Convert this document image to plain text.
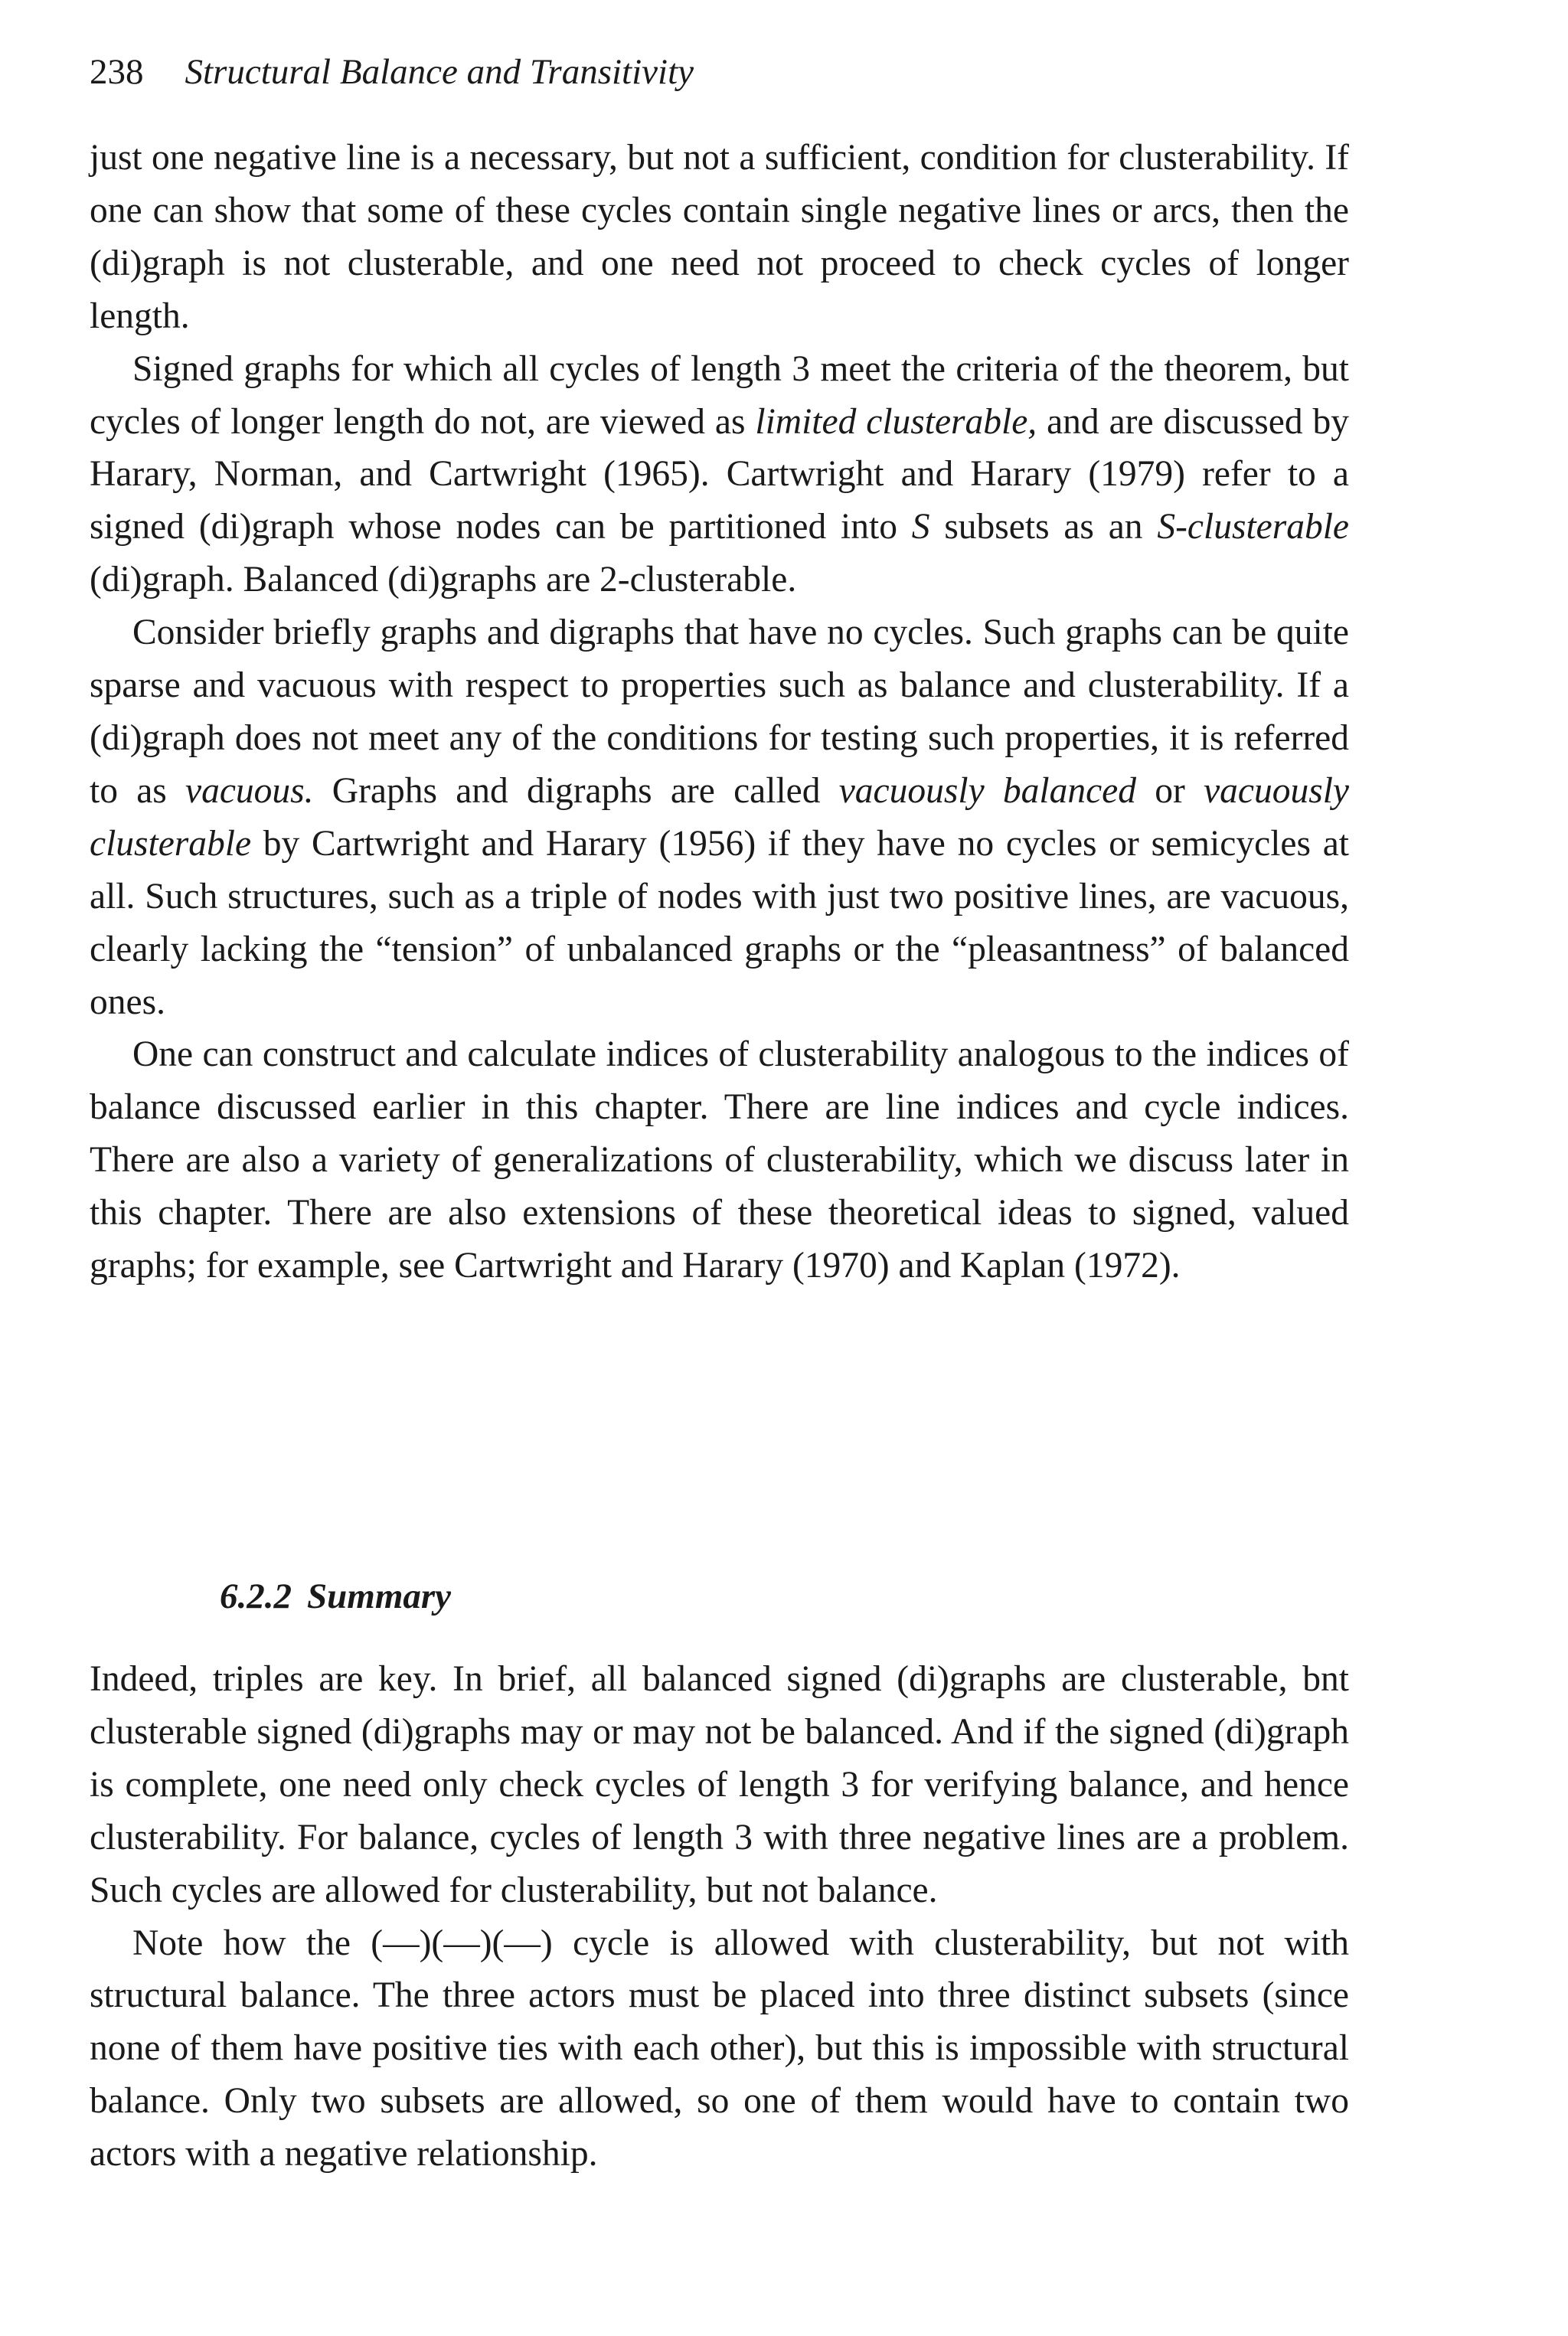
238 Structural Balance and Transitivity

just one negative line is a necessary, but not a sufficient, condition for clusterability. If one can show that some of these cycles contain single negative lines or arcs, then the (di)graph is not clusterable, and one need not proceed to check cycles of longer length.

Signed graphs for which all cycles of length 3 meet the criteria of the theorem, but cycles of longer length do not, are viewed as limited clusterable, and are discussed by Harary, Norman, and Cartwright (1965). Cartwright and Harary (1979) refer to a signed (di)graph whose nodes can be partitioned into S subsets as an S-clusterable (di)graph. Balanced (di)graphs are 2-clusterable.

Consider briefly graphs and digraphs that have no cycles. Such graphs can be quite sparse and vacuous with respect to properties such as balance and clusterability. If a (di)graph does not meet any of the conditions for testing such properties, it is referred to as vacuous. Graphs and digraphs are called vacuously balanced or vacuously clusterable by Cartwright and Harary (1956) if they have no cycles or semicycles at all. Such structures, such as a triple of nodes with just two positive lines, are vacuous, clearly lacking the “tension” of unbalanced graphs or the “pleasantness” of balanced ones.

One can construct and calculate indices of clusterability analogous to the indices of balance discussed earlier in this chapter. There are line indices and cycle indices. There are also a variety of generalizations of clusterability, which we discuss later in this chapter. There are also extensions of these theoretical ideas to signed, valued graphs; for example, see Cartwright and Harary (1970) and Kaplan (1972).

6.2.2 Summary

Indeed, triples are key. In brief, all balanced signed (di)graphs are clusterable, bnt clusterable signed (di)graphs may or may not be balanced. And if the signed (di)graph is complete, one need only check cycles of length 3 for verifying balance, and hence clusterability. For balance, cycles of length 3 with three negative lines are a problem. Such cycles are allowed for clusterability, but not balance.

Note how the (—)(—)(—) cycle is allowed with clusterability, but not with structural balance. The three actors must be placed into three distinct subsets (since none of them have positive ties with each other), but this is impossible with structural balance. Only two subsets are allowed, so one of them would have to contain two actors with a negative relationship.
